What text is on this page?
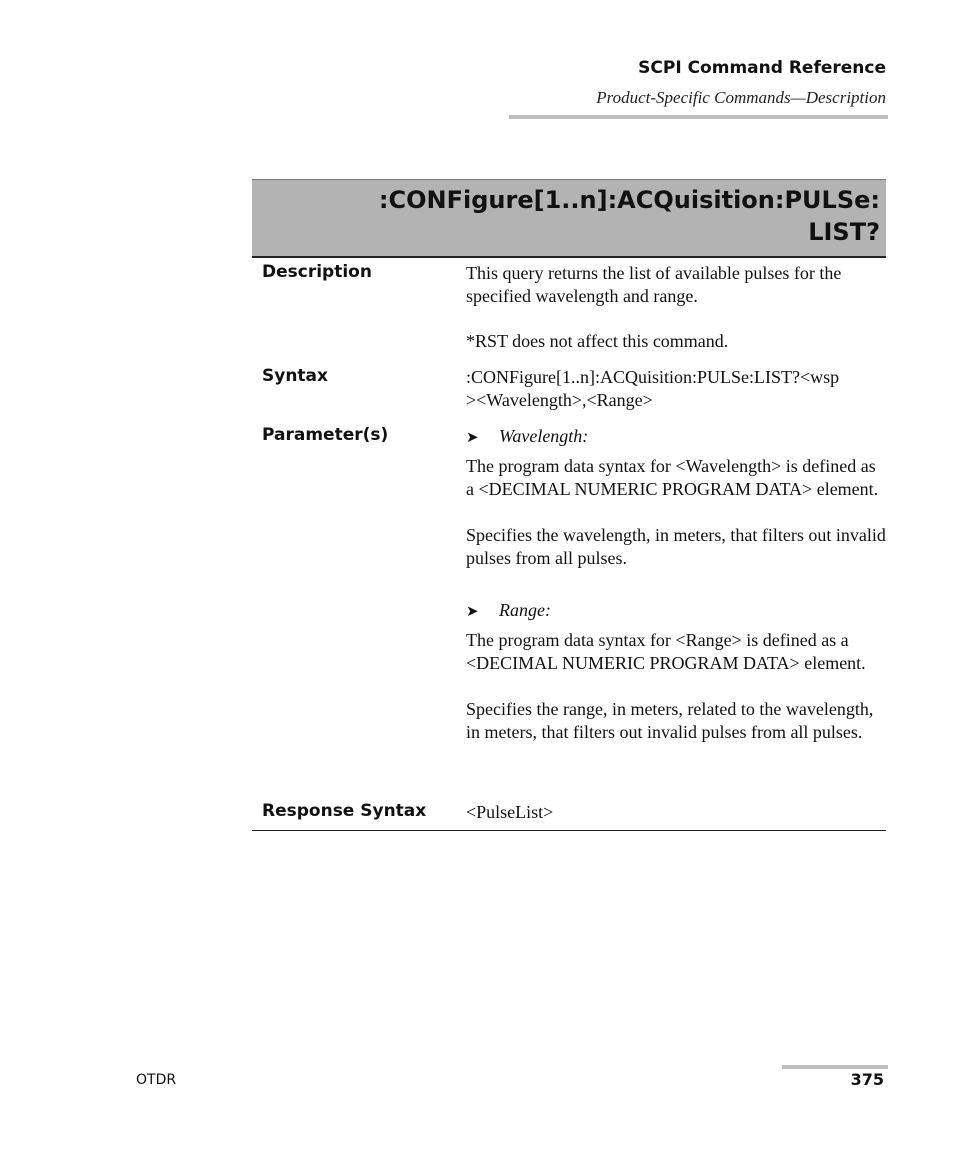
SCPI Command Reference
Product-Specific Commands—Description
:CONFigure[1..n]:ACQuisition:PULSe:
LIST?
Description	This query returns the list of available pulses for the specified wavelength and range.

*RST does not affect this command.

Syntax	:CONFigure[1..n]:ACQuisition:PULSe:LIST?<wsp

><Wavelength>,<Range>

Parameter(s)	➤ Wavelength:

The program data syntax for <Wavelength> is defined as a <DECIMAL NUMERIC PROGRAM DATA> element.

Specifies the wavelength, in meters, that filters out invalid pulses from all pulses.

➤ Range:

The program data syntax for <Range> is defined as a <DECIMAL NUMERIC PROGRAM DATA> element.

Specifies the range, in meters, related to the wavelength, in meters, that filters out invalid pulses from all pulses.

Response Syntax <PulseList>
OTDR	375
